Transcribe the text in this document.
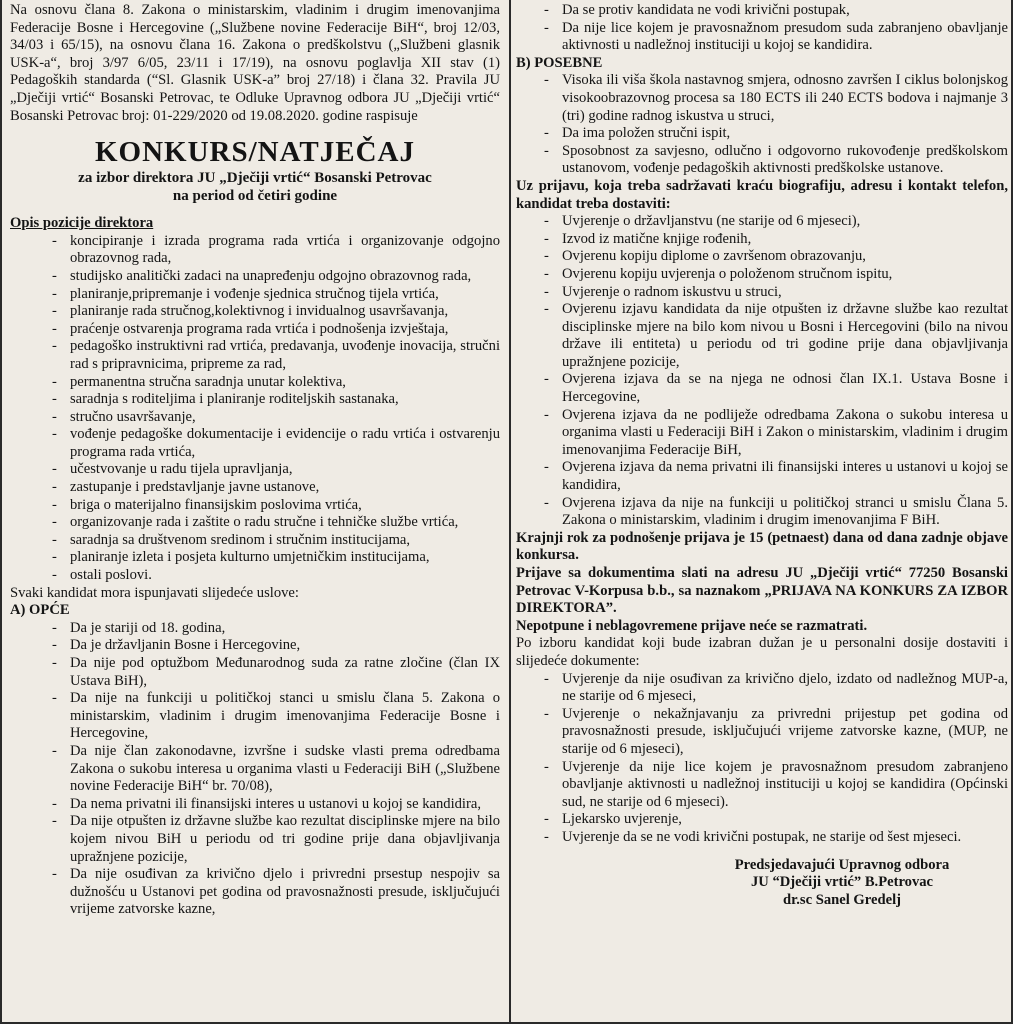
Na osnovu člana 8. Zakona o ministarskim, vladinim i drugim imenovanjima Federacije Bosne i Hercegovine („Službene novine Federacije BiH“, broj 12/03, 34/03 i 65/15), na osnovu člana 16. Zakona o predškolstvu („Službeni glasnik USK-a“, broj 3/97 6/05, 23/11 i 17/19), na osnovu poglavlja XII stav (1) Pedagoških standarda (“Sl. Glasnik USK-a” broj 27/18) i člana 32. Pravila JU „Dječiji vrtić“ Bosanski Petrovac, te Odluke Upravnog odbora JU „Dječiji vrtić“ Bosanski Petrovac broj: 01-229/2020 od 19.08.2020. godine raspisuje

KONKURS/NATJEČAJ
za izbor direktora JU „Dječiji vrtić“ Bosanski Petrovac
na period od četiri godine
Opis pozicije direktora
- koncipiranje i izrada programa rada vrtića i organizovanje odgojno obrazovnog rada,
- studijsko analitički zadaci na unapređenju odgojno obrazovnog rada,
- planiranje,pripremanje i vođenje sjednica stručnog tijela vrtića,
- planiranje rada stručnog,kolektivnog i invidualnog usavršavanja,
- praćenje ostvarenja programa rada vrtića i podnošenja izvještaja,
- pedagoško instruktivni rad vrtića, predavanja, uvođenje inovacija, stručni rad s pripravnicima, pripreme za rad,
- permanentna stručna saradnja unutar kolektiva,
- saradnja s roditeljima i planiranje roditeljskih sastanaka,
- stručno usavršavanje,
- vođenje pedagoške dokumentacije i evidencije o radu vrtića i ostvarenju programa rada vrtića,
- učestvovanje u radu tijela upravljanja,
- zastupanje i predstavljanje javne ustanove,
- briga o materijalno finansijskim poslovima vrtića,
- organizovanje rada i zaštite o radu stručne i tehničke službe vrtića,
- saradnja sa društvenom sredinom i stručnim institucijama,
- planiranje izleta i posjeta kulturno umjetničkim institucijama,
- ostali poslovi.

Svaki kandidat mora ispunjavati slijedeće uslove:

A) OPĆE

- Da je stariji od 18. godina,
- Da je državljanin Bosne i Hercegovine,
- Da nije pod optužbom Međunarodnog suda za ratne zločine (član IX Ustava BiH),
- Da nije na funkciji u političkoj stanci u smislu člana 5. Zakona o ministarskim, vladinim i drugim imenovanjima Federacije Bosne i Hercegovine,
- Da nije član zakonodavne, izvršne i sudske vlasti prema odredbama Zakona o sukobu interesa u organima vlasti u Federaciji BiH („Službene novine Federacije BiH“ br. 70/08),
- Da nema privatni ili finansijski interes u ustanovi u kojoj se kandidira,
- Da nije otpušten iz državne službe kao rezultat disciplinske mjere na bilo kojem nivou BiH u periodu od tri godine prije dana objavljivanja upražnjene pozicije,
- Da nije osuđivan za krivično djelo i privredni prsestup nespojiv sa dužnošću u Ustanovi pet godina od pravosnažnosti presude, isključujući vrijeme zatvorske kazne,
- Da se protiv kandidata ne vodi krivični postupak,
- Da nije lice kojem je pravosnažnom presudom suda zabranjeno obavljanje aktivnosti u nadležnoj instituciji u kojoj se kandidira.

B) POSEBNE

- Visoka ili viša škola nastavnog smjera, odnosno završen I ciklus bolonjskog visokoobrazovnog procesa sa 180 ECTS ili 240 ECTS bodova i najmanje 3 (tri) godine radnog iskustva u struci,
- Da ima položen stručni ispit,
- Sposobnost za savjesno, odlučno i odgovorno rukovođenje predškolskom ustanovom, vođenje pedagoških aktivnosti predškolske ustanove.

Uz prijavu, koja treba sadržavati kraću biografiju, adresu i kontakt telefon, kandidat treba dostaviti:

- Uvjerenje o državljanstvu (ne starije od 6 mjeseci),
- Izvod iz matične knjige rođenih,
- Ovjerenu kopiju diplome o završenom obrazovanju,
- Ovjerenu kopiju uvjerenja o položenom stručnom ispitu,
- Uvjerenje o radnom iskustvu u struci,
- Ovjerenu izjavu kandidata da nije otpušten iz državne službe kao rezultat disciplinske mjere na bilo kom nivou u Bosni i Hercegovini (bilo na nivou države ili entiteta) u periodu od tri godine prije dana objavljivanja upražnjene pozicije,
- Ovjerena izjava da se na njega ne odnosi član IX.1. Ustava Bosne i Hercegovine,
- Ovjerena izjava da ne podliježe odredbama Zakona o sukobu interesa u organima vlasti u Federaciji BiH i Zakon o ministarskim, vladinim i drugim imenovanjima Federacije BiH,
- Ovjerena izjava da nema privatni ili finansijski interes u ustanovi u kojoj se kandidira,
- Ovjerena izjava da nije na funkciji u političkoj stranci u smislu Člana 5. Zakona o ministarskim, vladinim i drugim imenovanjima F BiH.

Krajnji rok za podnošenje prijava je 15 (petnaest) dana od dana zadnje objave konkursa.

Prijave sa dokumentima slati na adresu JU „Dječiji vrtić“ 77250 Bosanski Petrovac V-Korpusa b.b., sa naznakom „PRIJAVA NA KONKURS ZA IZBOR DIREKTORA”.

Nepotpune i neblagovremene prijave neće se razmatrati.

Po izboru kandidat koji bude izabran dužan je u personalni dosije dostaviti i slijedeće dokumente:

- Uvjerenje da nije osuđivan za krivično djelo, izdato od nadležnog MUP-a, ne starije od 6 mjeseci,
- Uvjerenje o nekažnjavanju za privredni prijestup pet godina od pravosnažnosti presude, isključujući vrijeme zatvorske kazne, (MUP, ne starije od 6 mjeseci),
- Uvjerenje da nije lice kojem je pravosnažnom presudom zabranjeno obavljanje aktivnosti u nadležnoj instituciji u kojoj se kandidira (Općinski sud, ne starije od 6 mjeseci).
- Ljekarsko uvjerenje,
- Uvjerenje da se ne vodi krivični postupak, ne starije od šest mjeseci.

Predsjedavajući Upravnog odbora

JU “Dječiji vrtić” B.Petrovac

dr.sc Sanel Gredelj
